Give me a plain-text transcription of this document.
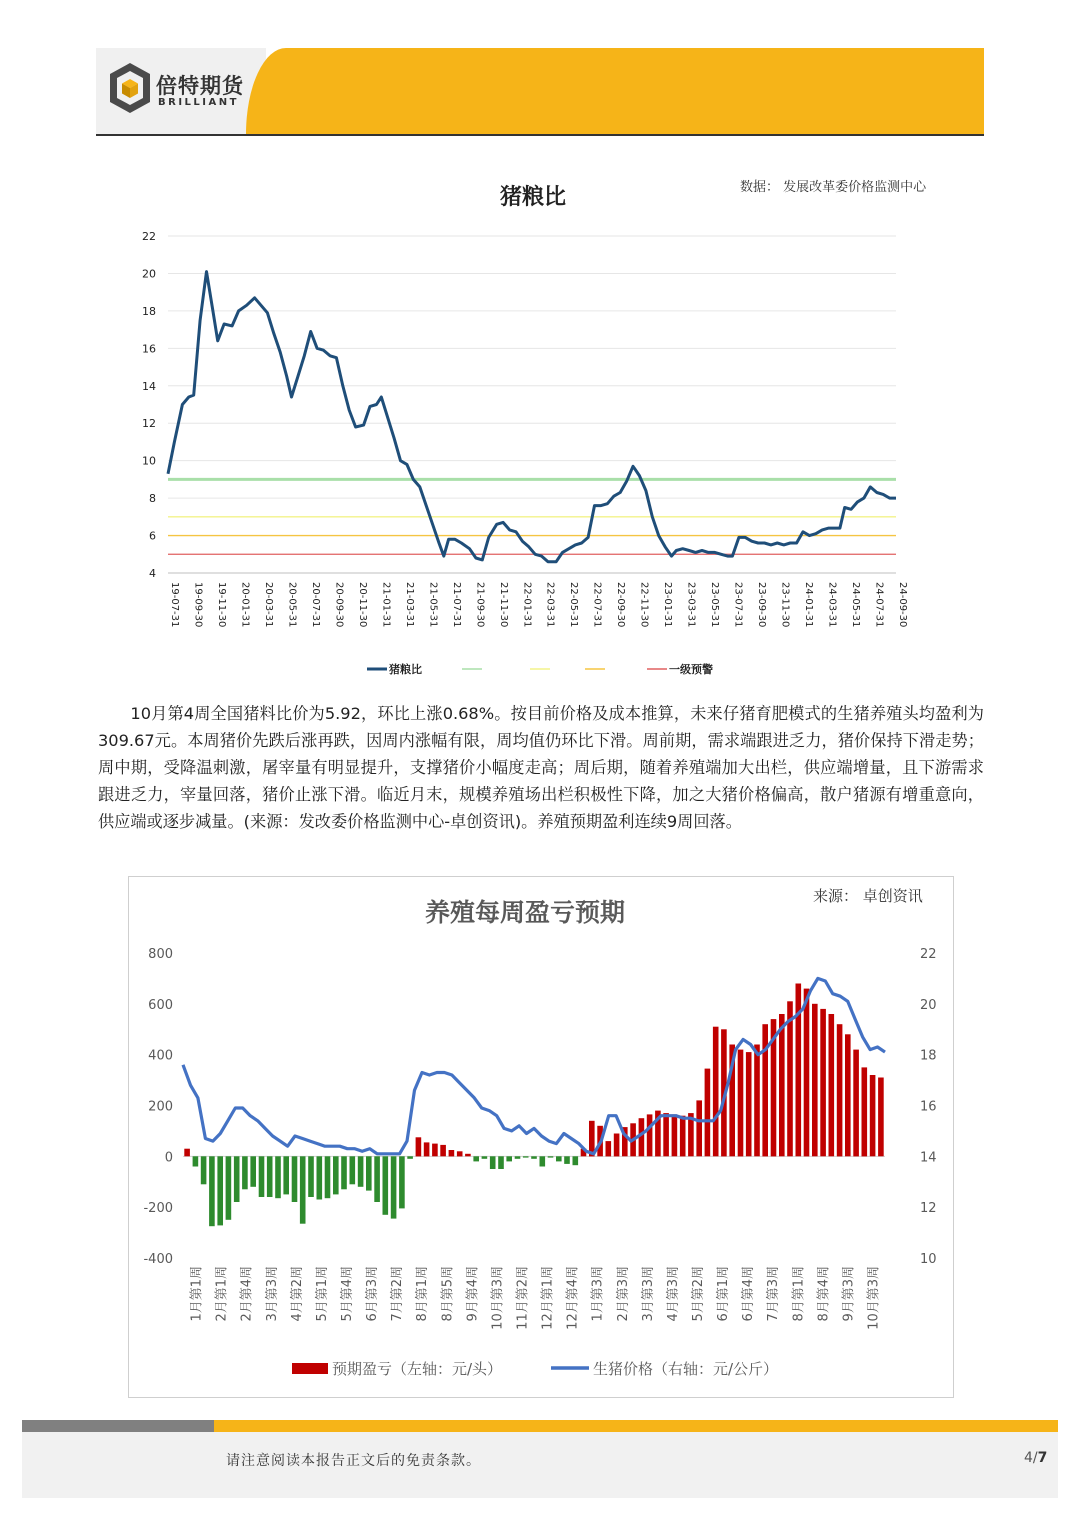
倍特期货
BRILLIANT
猪粮比	数据： 发展改革委价格监测中心
4
6
8
10
12
14
16
18
20
22
19-07-31 19-09-30 19-11-30 20-01-31 20-03-31 20-05-31 20-07-31 20-09-30 20-11-30 21-01-31 21-03-31 21-05-31 21-07-31 21-09-30 21-11-30 22-01-31 22-03-31 22-05-31 22-07-31 22-09-30 22-11-30 23-01-31 23-03-31 23-05-31 23-07-31 23-09-30 23-11-30 24-01-31 24-03-31 24-05-31 24-07-31 24-09-30
猪粮比	一级预警

10月第4周全国猪料比价为5.92，环比上涨0.68%。按目前价格及成本推算，未来仔猪育肥模式的生猪养殖头均盈利为309.67元。本周猪价先跌后涨再跌，因周内涨幅有限，周均值仍环比下滑。周前期，需求端跟进乏力，猪价保持下滑走势；周中期，受降温刺激，屠宰量有明显提升，支撑猪价小幅度走高；周后期，随着养殖端加大出栏，供应端增量，且下游需求跟进乏力，宰量回落，猪价止涨下滑。临近月末，规模养殖场出栏积极性下降，加之大猪价格偏高，散户猪源有增重意向，供应端或逐步减量。(来源：发改委价格监测中心-卓创资讯)。养殖预期盈利连续9周回落。

养殖每周盈亏预期
来源： 卓创资讯
-400
-200
0
200
400
600
800
10
12
14
16
18
20
22
1月第1周 2月第1周 2月第4周 3月第3周 4月第2周 5月第1周 5月第4周 6月第3周 7月第2周 8月第1周 8月第5周 9月第4周 10月第3周 11月第2周 12月第1周 12月第4周 1月第3周 2月第3周 3月第3周 4月第3周 5月第2周 6月第1周 6月第4周 7月第3周 8月第1周 8月第4周 9月第3周 10月第3周
预期盈亏（左轴：元/头）	生猪价格（右轴：元/公斤）
请注意阅读本报告正文后的免责条款。	4/7
